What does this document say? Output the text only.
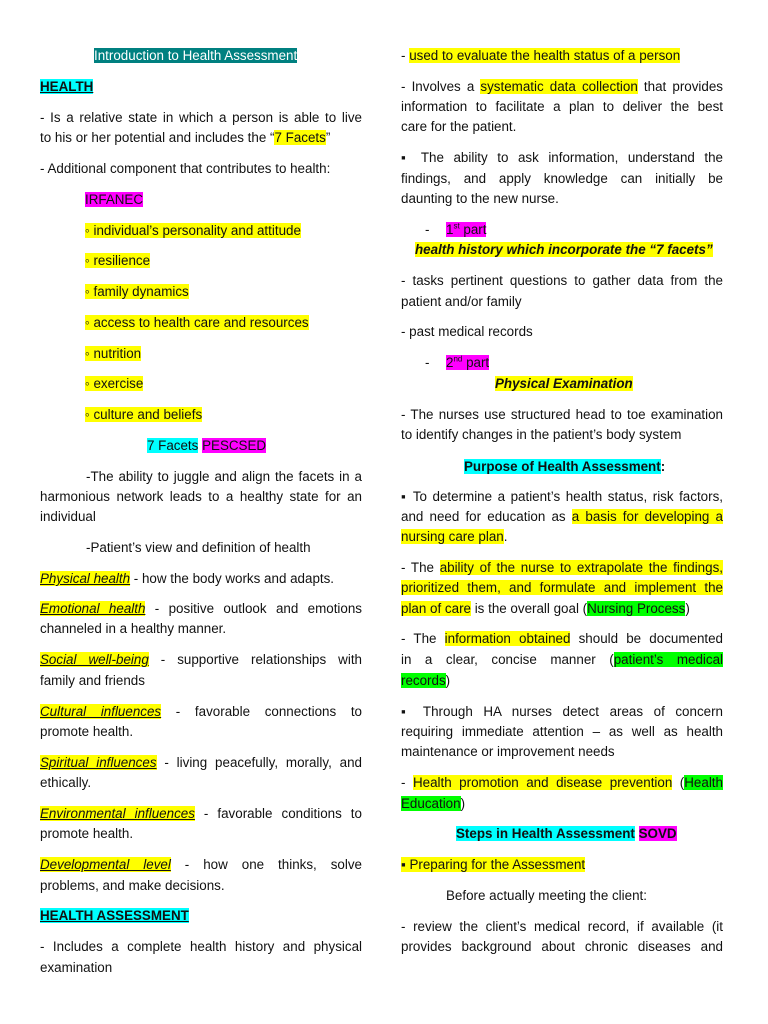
Introduction to Health Assessment
HEALTH
- Is a relative state in which a person is able to live
to his or her potential and includes the “7 Facets”
- Additional component that contributes to health:
IRFANEC
◦ individual’s personality and attitude
◦ resilience
◦ family dynamics
◦ access to health care and resources
◦ nutrition
◦ exercise
◦ culture and beliefs
7 Facets PESCSED
-The ability to juggle and align the facets in a
harmonious network leads to a healthy state for an
individual
-Patient’s view and definition of health
Physical health - how the body works and adapts.
Emotional health - positive outlook and emotions
channeled in a healthy manner.
Social well-being - supportive relationships with
family and friends
Cultural influences - favorable connections to
promote health.
Spiritual influences - living peacefully, morally, and
ethically.
Environmental influences - favorable conditions to
promote health.
Developmental level - how one thinks, solve
problems, and make decisions.
HEALTH ASSESSMENT
- Includes a complete health history and physical
examination
- used to evaluate the health status of a person
- Involves a systematic data collection that provides
information to facilitate a plan to deliver the best
care for the patient.
▪ The ability to ask information, understand the
findings, and apply knowledge can initially be
daunting to the new nurse.
- 1st part
health history which incorporate the “7 facets”
- tasks pertinent questions to gather data from the
patient and/or family
- past medical records
- 2nd part
Physical Examination
- The nurses use structured head to toe examination
to identify changes in the patient’s body system
Purpose of Health Assessment:
▪ To determine a patient’s health status, risk factors,
and need for education as a basis for developing a
nursing care plan.
- The ability of the nurse to extrapolate the findings,
prioritized them, and formulate and implement the
plan of care is the overall goal (Nursing Process)
- The information obtained should be documented
in a clear, concise manner (patient’s medical
records)
▪ Through HA nurses detect areas of concern
requiring immediate attention – as well as health
maintenance or improvement needs
- Health promotion and disease prevention (Health
Education)
Steps in Health Assessment SOVD
▪ Preparing for the Assessment
Before actually meeting the client:
- review the client’s medical record, if available (it
provides background about chronic diseases and
